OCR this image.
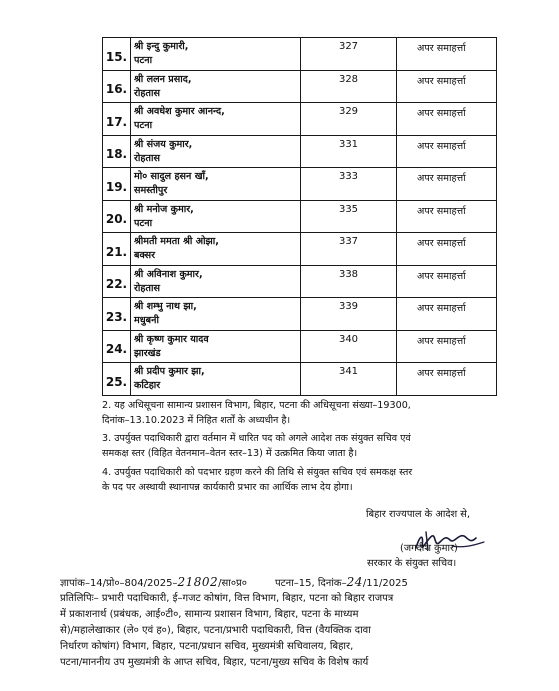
15.	श्री इन्दु कुमारी,
पटना	327	अपर समाहर्त्ता
16.	श्री ललन प्रसाद,
रोहतास	328	अपर समाहर्त्ता
17.	श्री अवधेश कुमार आनन्द,
पटना	329	अपर समाहर्त्ता
18.	श्री संजय कुमार,
रोहतास	331	अपर समाहर्त्ता
19.	मो० सादुल हसन खाँ,
समस्तीपुर	333	अपर समाहर्त्ता
20.	श्री मनोज कुमार,
पटना	335	अपर समाहर्त्ता
21.	श्रीमती ममता श्री ओझा,
बक्सर	337	अपर समाहर्त्ता
22.	श्री अविनाश कुमार,
रोहतास	338	अपर समाहर्त्ता
23.	श्री शम्भु नाथ झा,
मधुबनी	339	अपर समाहर्त्ता
24.	श्री कृष्ण कुमार यादव
झारखंड	340	अपर समाहर्त्ता
25.	श्री प्रदीप कुमार झा,
कटिहार	341	अपर समाहर्त्ता
2. यह अधिसूचना सामान्य प्रशासन विभाग, बिहार, पटना की अधिसूचना संख्या–19300,
दिनांक–13.10.2023 में निहित शर्तों के अध्यधीन है।
3. उपर्युक्त पदाधिकारी द्वारा वर्तमान में धारित पद को अगले आदेश तक संयुक्त सचिव एवं
समकक्ष स्तर (विहित वेतनमान–वेतन स्तर–13) में उत्क्रमित किया जाता है।
4. उपर्युक्त पदाधिकारी को पदभार ग्रहण करने की तिथि से संयुक्त सचिव एवं समकक्ष स्तर
के पद पर अस्थायी स्थानापन्न कार्यकारी प्रभार का आर्थिक लाभ देय होगा।
बिहार राज्यपाल के आदेश से,
(जगदीश कुमार)
सरकार के संयुक्त सचिव।
ज्ञापांक–14/प्रो०–804/2025–21802/सा०प्र०	पटना–15, दिनांक–24/11/2025
प्रतिलिपिः– प्रभारी पदाधिकारी, ई–गजट कोषांग, वित्त विभाग, बिहार, पटना को बिहार राजपत्र
में प्रकाशनार्थ (प्रबंधक, आई०टी०, सामान्य प्रशासन विभाग, बिहार, पटना के माध्यम
से)/महालेखाकार (ले० एवं ह०), बिहार, पटना/प्रभारी पदाधिकारी, वित्त (वैयक्तिक दावा
निर्धारण कोषांग) विभाग, बिहार, पटना/प्रधान सचिव, मुख्यमंत्री सचिवालय, बिहार,
पटना/माननीय उप मुख्यमंत्री के आप्त सचिव, बिहार, पटना/मुख्य सचिव के विशेष कार्य
